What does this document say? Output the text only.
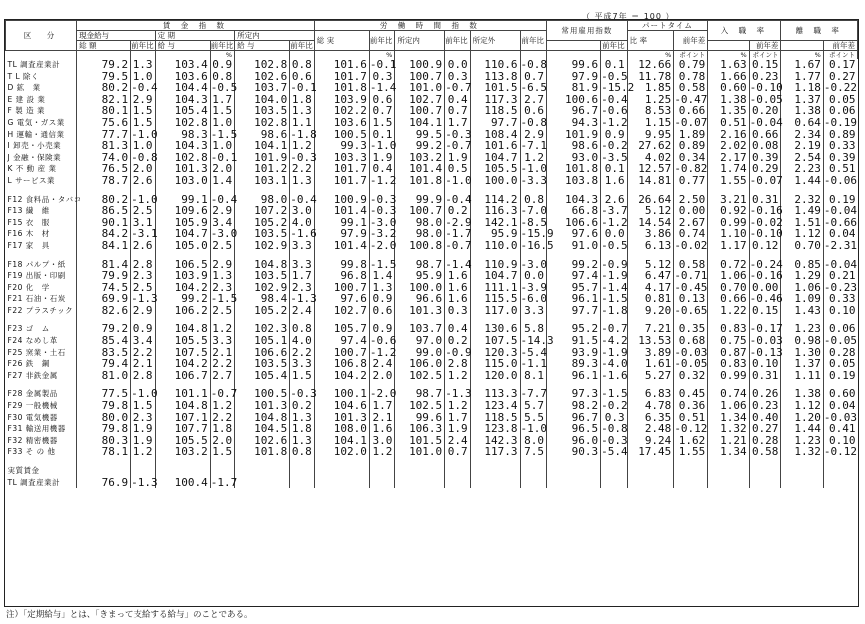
（ 平成7年 ＝ 100 ）
区　分	賃 金 指 数						労 働 時 間 指 数						常用雇用指数		パートタイム		入 職 率		離 職 率	
	現金給与		定 期		所定内		総 実	前年比	所定内	前年比	所定外	前年比			比 率	前年差				
	総 額	前年比	給 与	前年比	給 与	前年比								前年比				前年差		前年差
				%				%							%	ポイント	%	ポイント	%	ポイント
TL 調査産業計	79.2	1.3	103.4	0.9	102.8	0.8	101.6	-0.1	100.9	0.0	110.6	-0.8	99.6	0.1	12.66	0.79	1.63	0.15	1.67	0.17
T L 除く	79.5	1.0	103.6	0.8	102.6	0.6	101.7	0.3	100.7	0.3	113.8	0.7	97.9	-0.5	11.78	0.78	1.66	0.23	1.77	0.27
D 鉱　業	80.2	-0.4	104.4	-0.5	103.7	-0.1	101.8	-1.4	101.0	-0.7	101.5	-6.5	81.9	-15.2	1.85	0.58	0.60	-0.10	1.18	-0.22
E 建 設 業	82.1	2.9	104.3	1.7	104.0	1.8	103.9	0.6	102.7	0.4	117.3	2.7	100.6	-0.4	1.25	-0.47	1.38	-0.05	1.37	0.05
F 製 造 業	80.1	1.5	105.4	1.5	103.5	1.3	102.2	0.7	100.7	0.7	118.5	0.6	96.7	-0.6	8.53	0.66	1.35	0.20	1.38	0.06
G 電気・ガス業	75.6	1.5	102.8	1.0	102.8	1.1	103.6	1.5	104.1	1.7	97.7	-0.8	94.3	-1.2	1.15	-0.07	0.51	-0.04	0.64	-0.19
H 運輸・通信業	77.7	-1.0	98.3	-1.5	98.6	-1.8	100.5	0.1	99.5	-0.3	108.4	2.9	101.9	0.9	9.95	1.89	2.16	0.66	2.34	0.89
I 卸売・小売業	81.3	1.0	104.3	1.0	104.1	1.2	99.3	-1.0	99.2	-0.7	101.6	-7.1	98.6	-0.2	27.62	0.89	2.02	0.08	2.19	0.33
J 金融・保険業	74.0	-0.8	102.8	-0.1	101.9	-0.3	103.3	1.9	103.2	1.9	104.7	1.2	93.0	-3.5	4.02	0.34	2.17	0.39	2.54	0.39
K 不 動 産 業	76.5	2.0	101.3	2.0	101.2	2.2	101.7	0.4	101.4	0.5	105.5	-1.0	101.8	0.1	12.57	-0.82	1.74	0.29	2.23	0.51
L サービス業	78.7	2.6	103.0	1.4	103.1	1.3	101.7	-1.2	101.8	-1.0	100.0	-3.3	103.8	1.6	14.81	0.77	1.55	-0.07	1.44	-0.06

F12 食料品・タバコ	80.2	-1.0	99.1	-0.4	98.0	-0.4	100.9	-0.3	99.9	-0.4	114.2	0.8	104.3	2.6	26.64	2.50	3.21	0.31	2.32	0.19
F13 繊　維	86.5	2.5	109.6	2.9	107.2	3.0	101.4	-0.3	100.7	0.2	116.3	-7.0	66.8	-3.7	5.12	0.00	0.92	-0.16	1.49	-0.04
F15 衣　服	90.1	3.1	105.9	3.4	105.2	4.0	99.1	-3.0	98.0	-2.9	142.1	-8.5	106.6	-1.2	14.54	2.67	0.99	-0.02	1.51	-0.66
F16 木　材	84.2	-3.1	104.7	-3.0	103.5	-1.6	97.9	-3.2	98.0	-1.7	95.9	-15.9	97.6	0.0	3.86	0.74	1.10	-0.10	1.12	0.04
F17 家　具	84.1	2.6	105.0	2.5	102.9	3.3	101.4	-2.0	100.8	-0.7	110.0	-16.5	91.0	-0.5	6.13	-0.02	1.17	0.12	0.70	-2.31

F18 パルプ・紙	81.4	2.8	106.5	2.9	104.8	3.3	99.8	-1.5	98.7	-1.4	110.9	-3.0	99.2	-0.9	5.12	0.58	0.72	-0.24	0.85	-0.04
F19 出版・印刷	79.9	2.3	103.9	1.3	103.5	1.7	96.8	1.4	95.9	1.6	104.7	0.0	97.4	-1.9	6.47	-0.71	1.06	-0.16	1.29	0.21
F20 化　学	74.5	2.5	104.2	2.3	102.9	2.3	100.7	1.3	100.0	1.6	111.1	-3.9	95.7	-1.4	4.17	-0.45	0.70	0.00	1.06	-0.23
F21 石油・石炭	69.9	-1.3	99.2	-1.5	98.4	-1.3	97.6	0.9	96.6	1.6	115.5	-6.0	96.1	-1.5	0.81	0.13	0.66	-0.46	1.09	0.33
F22 プラスチック	82.6	2.9	106.2	2.5	105.2	2.4	102.7	0.6	101.3	0.3	117.0	3.3	97.7	-1.8	9.20	-0.65	1.22	0.15	1.43	0.10

F23 ゴ　ム	79.2	0.9	104.8	1.2	102.3	0.8	105.7	0.9	103.7	0.4	130.6	5.8	95.2	-0.7	7.21	0.35	0.83	-0.17	1.23	0.06
F24 なめし革	85.4	3.4	105.5	3.3	105.1	4.0	97.4	-0.6	97.0	0.2	107.5	-14.3	91.5	-4.2	13.53	0.68	0.75	-0.03	0.98	-0.05
F25 窯業・土石	83.5	2.2	107.5	2.1	106.6	2.2	100.7	-1.2	99.0	-0.9	120.3	-5.4	93.9	-1.9	3.89	-0.03	0.87	-0.13	1.30	0.28
F26 鉄　鋼	79.4	2.1	104.2	2.2	103.5	3.3	106.8	2.4	106.0	2.8	115.0	-1.1	89.3	-4.0	1.61	-0.05	0.83	0.10	1.37	0.05
F27 非鉄金属	81.0	2.8	106.7	2.7	105.4	1.5	104.2	2.0	102.5	1.2	120.0	8.1	96.1	-1.6	5.27	0.32	0.99	0.31	1.11	0.19

F28 金属製品	77.5	-1.0	101.1	-0.7	100.5	-0.3	100.1	-2.0	98.7	-1.3	113.3	-7.7	97.3	-1.5	6.83	0.45	0.74	0.26	1.38	0.60
F29 一般機械	79.8	1.5	104.8	1.2	101.3	0.2	104.6	1.7	102.5	1.2	123.4	5.7	98.2	-0.2	4.78	0.36	1.06	0.23	1.12	0.04
F30 電気機器	80.0	2.3	107.1	2.2	104.8	1.3	101.3	2.1	99.6	1.7	118.5	5.5	96.7	0.3	6.35	0.51	1.34	0.40	1.20	-0.03
F31 輸送用機器	79.8	1.9	107.7	1.8	104.5	1.8	108.0	1.6	106.3	1.9	123.8	-1.0	96.5	-0.8	2.48	-0.12	1.32	0.27	1.44	0.41
F32 精密機器	80.3	1.9	105.5	2.0	102.6	1.3	104.1	3.0	101.5	2.4	142.3	8.0	96.0	-0.3	9.24	1.62	1.21	0.28	1.23	0.10
F33 そ の 他	78.1	1.2	103.2	1.5	101.8	0.8	102.0	1.2	101.0	0.7	117.3	7.5	90.3	-5.4	17.45	1.55	1.34	0.58	1.32	-0.12

実質賃金																				
TL 調査産業計	76.9	-1.3	100.4	-1.7																
注）「定期給与」とは、「きまって支給する給与」のことである。
